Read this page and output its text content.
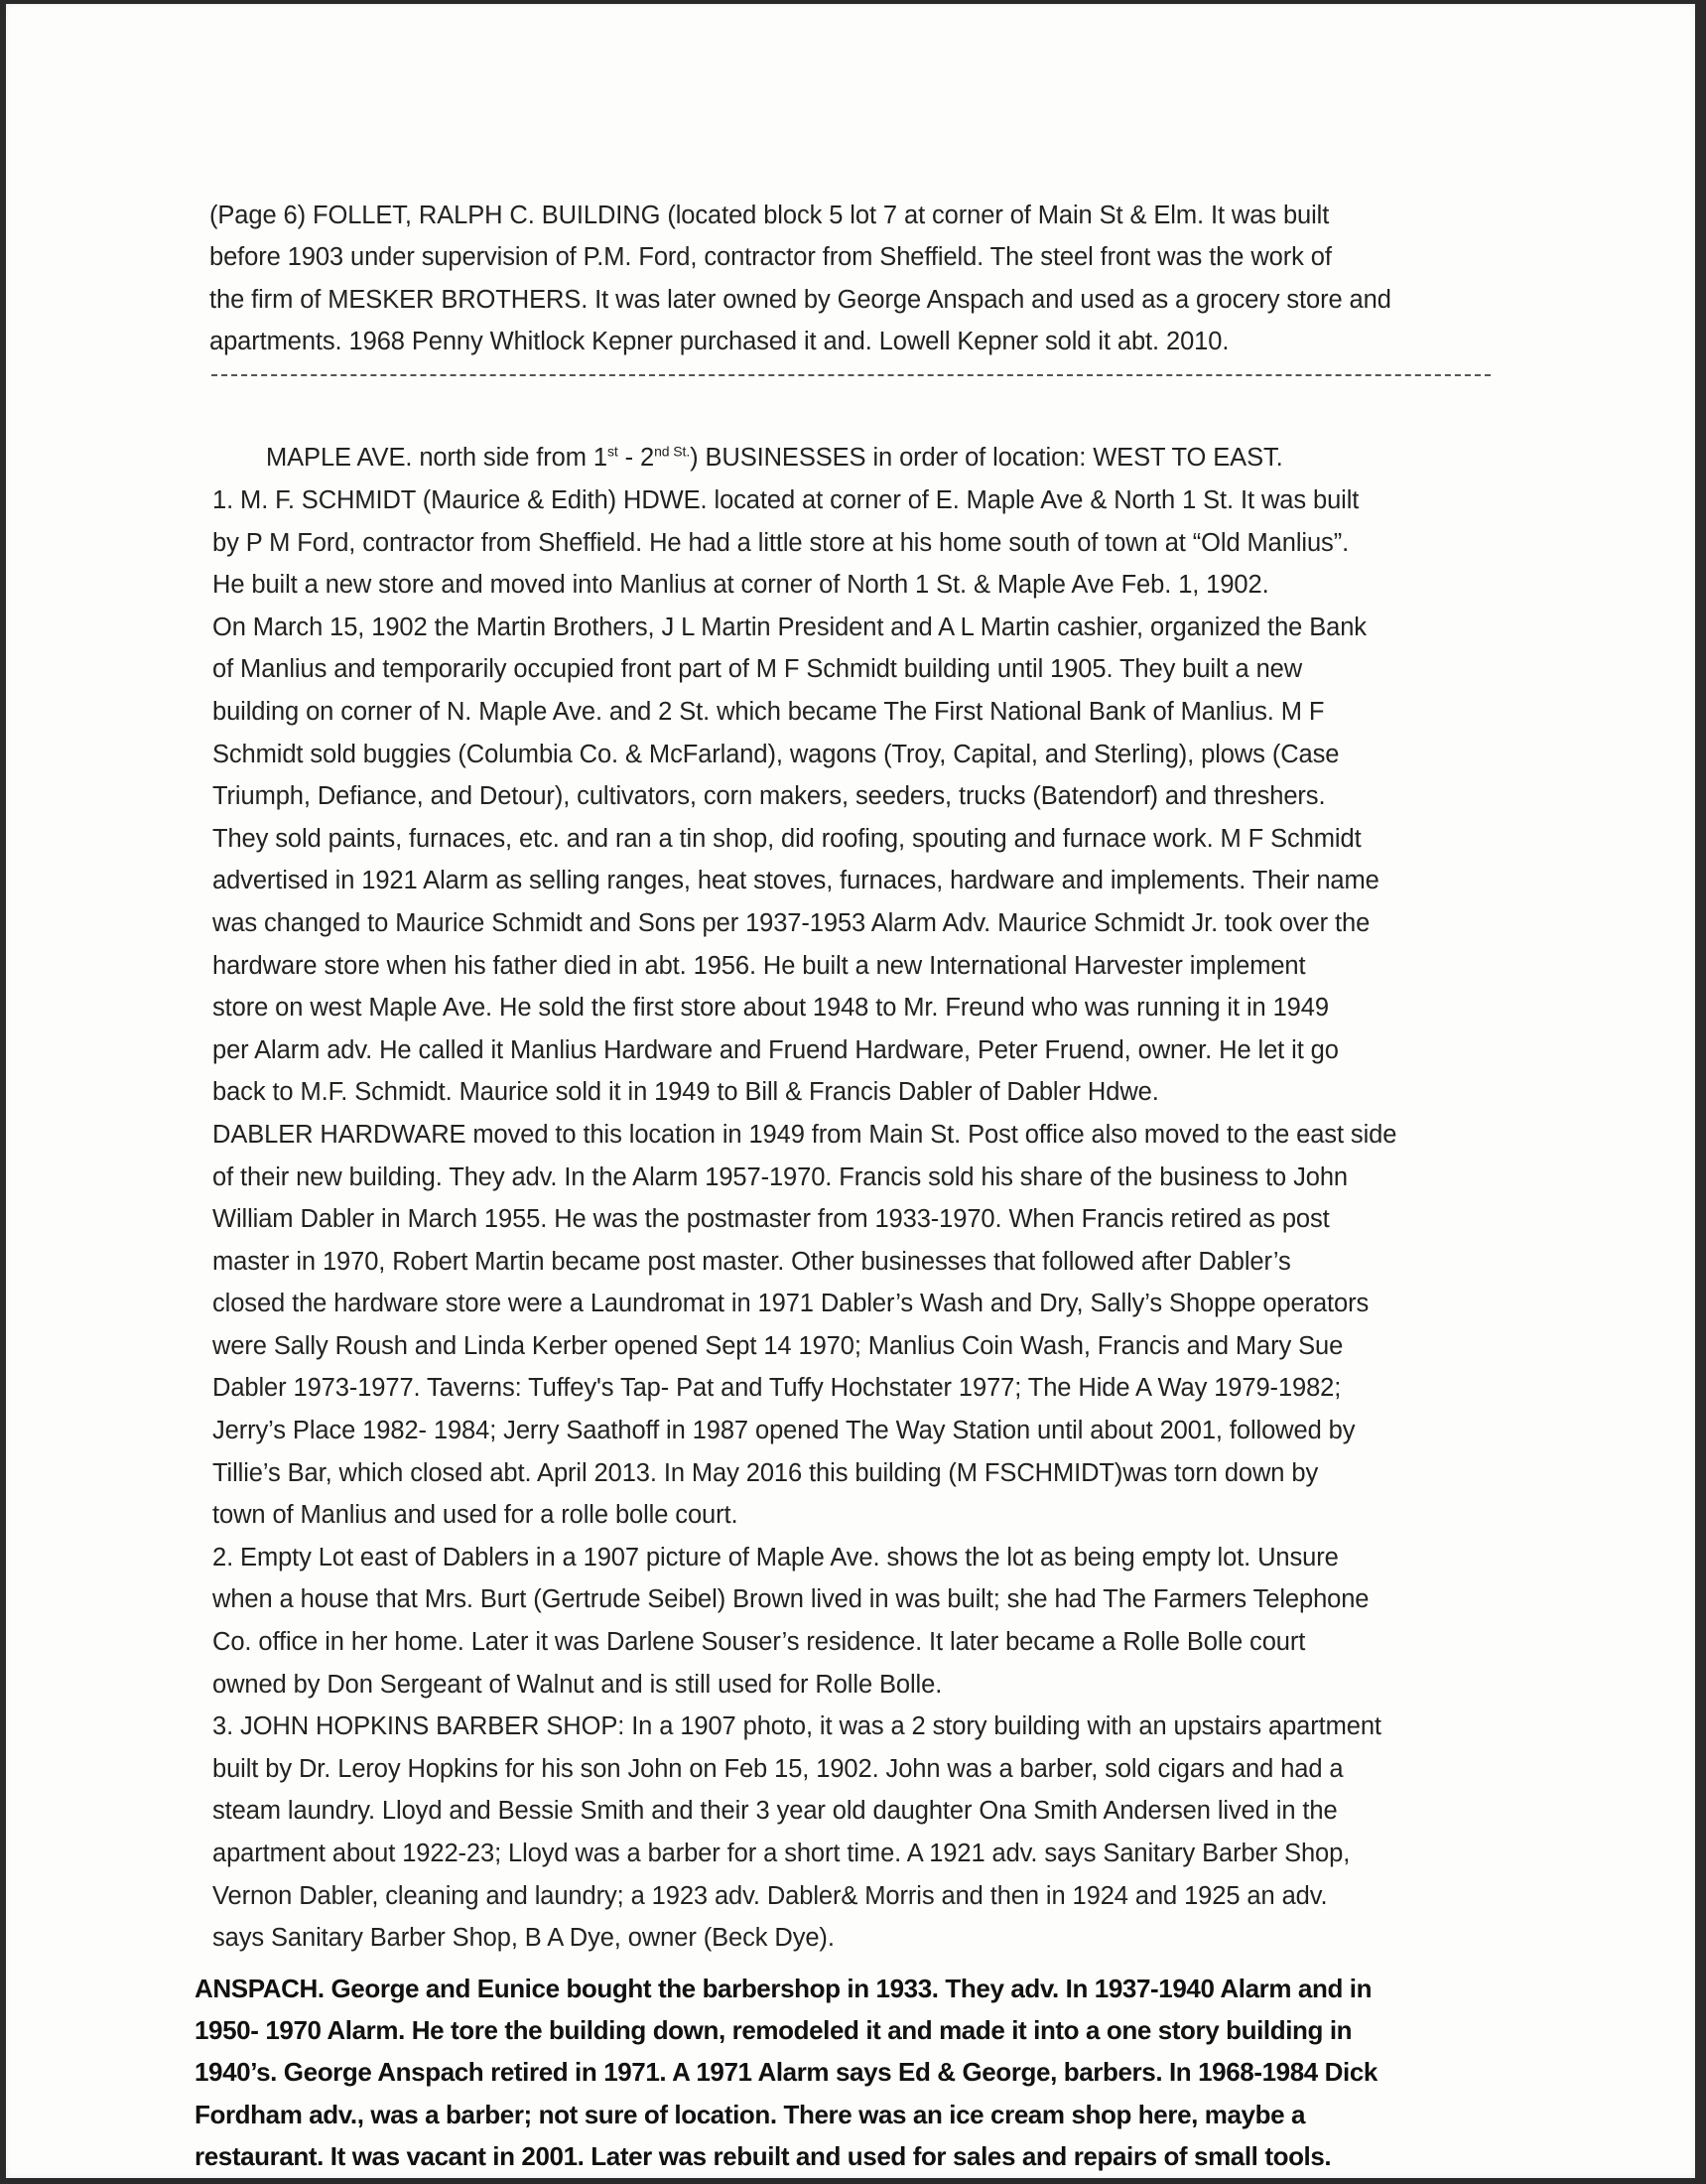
(Page 6) FOLLET, RALPH C. BUILDING (located block 5 lot 7 at corner of Main St & Elm. It was built
before 1903 under supervision of P.M. Ford, contractor from Sheffield. The steel front was the work of
the firm of MESKER BROTHERS. It was later owned by George Anspach and used as a grocery store and
apartments. 1968 Penny Whitlock Kepner purchased it and. Lowell Kepner sold it abt. 2010.
MAPLE AVE. north side from $1st - 2^{nd St.}$) BUSINESSES in order of location: WEST TO EAST.
1. M. F. SCHMIDT (Maurice & Edith) HDWE. located at corner of E. Maple Ave & North 1 St. It was built
by P M Ford, contractor from Sheffield. He had a little store at his home south of town at “Old Manlius”.
He built a new store and moved into Manlius at corner of North 1 St. & Maple Ave Feb. 1, 1902.
On March 15, 1902 the Martin Brothers, J L Martin President and A L Martin cashier, organized the Bank
of Manlius and temporarily occupied front part of M F Schmidt building until 1905. They built a new
building on corner of N. Maple Ave. and 2 St. which became The First National Bank of Manlius. M F
Schmidt sold buggies (Columbia Co. & McFarland), wagons (Troy, Capital, and Sterling), plows (Case
Triumph, Defiance, and Detour), cultivators, corn makers, seeders, trucks (Batendorf) and threshers.
They sold paints, furnaces, etc. and ran a tin shop, did roofing, spouting and furnace work. M F Schmidt
advertised in 1921 Alarm as selling ranges, heat stoves, furnaces, hardware and implements. Their name
was changed to Maurice Schmidt and Sons per 1937-1953 Alarm Adv. Maurice Schmidt Jr. took over the
hardware store when his father died in abt. 1956. He built a new International Harvester implement
store on west Maple Ave. He sold the first store about 1948 to Mr. Freund who was running it in 1949
per Alarm adv. He called it Manlius Hardware and Fruend Hardware, Peter Fruend, owner. He let it go
back to M.F. Schmidt. Maurice sold it in 1949 to Bill & Francis Dabler of Dabler Hdwe.
DABLER HARDWARE moved to this location in 1949 from Main St. Post office also moved to the east side
of their new building. They adv. In the Alarm 1957-1970. Francis sold his share of the business to John
William Dabler in March 1955. He was the postmaster from 1933-1970. When Francis retired as post
master in 1970, Robert Martin became post master. Other businesses that followed after Dabler’s
closed the hardware store were a Laundromat in 1971 Dabler’s Wash and Dry, Sally’s Shoppe operators
were Sally Roush and Linda Kerber opened Sept 14 1970; Manlius Coin Wash, Francis and Mary Sue
Dabler 1973-1977. Taverns: Tuffey's Tap- Pat and Tuffy Hochstater 1977; The Hide A Way 1979-1982;
Jerry’s Place 1982- 1984; Jerry Saathoff in 1987 opened The Way Station until about 2001, followed by
Tillie’s Bar, which closed abt. April 2013. In May 2016 this building (M FSCHMIDT)was torn down by
town of Manlius and used for a rolle bolle court.
2. Empty Lot east of Dablers in a 1907 picture of Maple Ave. shows the lot as being empty lot. Unsure
when a house that Mrs. Burt (Gertrude Seibel) Brown lived in was built; she had The Farmers Telephone
Co. office in her home. Later it was Darlene Souser’s residence. It later became a Rolle Bolle court
owned by Don Sergeant of Walnut and is still used for Rolle Bolle.
3. JOHN HOPKINS BARBER SHOP: In a 1907 photo, it was a 2 story building with an upstairs apartment
built by Dr. Leroy Hopkins for his son John on Feb 15, 1902. John was a barber, sold cigars and had a
steam laundry. Lloyd and Bessie Smith and their 3 year old daughter Ona Smith Andersen lived in the
apartment about 1922-23; Lloyd was a barber for a short time. A 1921 adv. says Sanitary Barber Shop,
Vernon Dabler, cleaning and laundry; a 1923 adv. Dabler& Morris and then in 1924 and 1925 an adv.
says Sanitary Barber Shop, B A Dye, owner (Beck Dye).
ANSPACH. George and Eunice bought the barbershop in 1933. They adv. In 1937-1940 Alarm and in
1950- 1970 Alarm. He tore the building down, remodeled it and made it into a one story building in
1940’s. George Anspach retired in 1971. A 1971 Alarm says Ed & George, barbers. In 1968-1984 Dick
Fordham adv., was a barber; not sure of location. There was an ice cream shop here, maybe a
restaurant. It was vacant in 2001. Later was rebuilt and used for sales and repairs of small tools.
